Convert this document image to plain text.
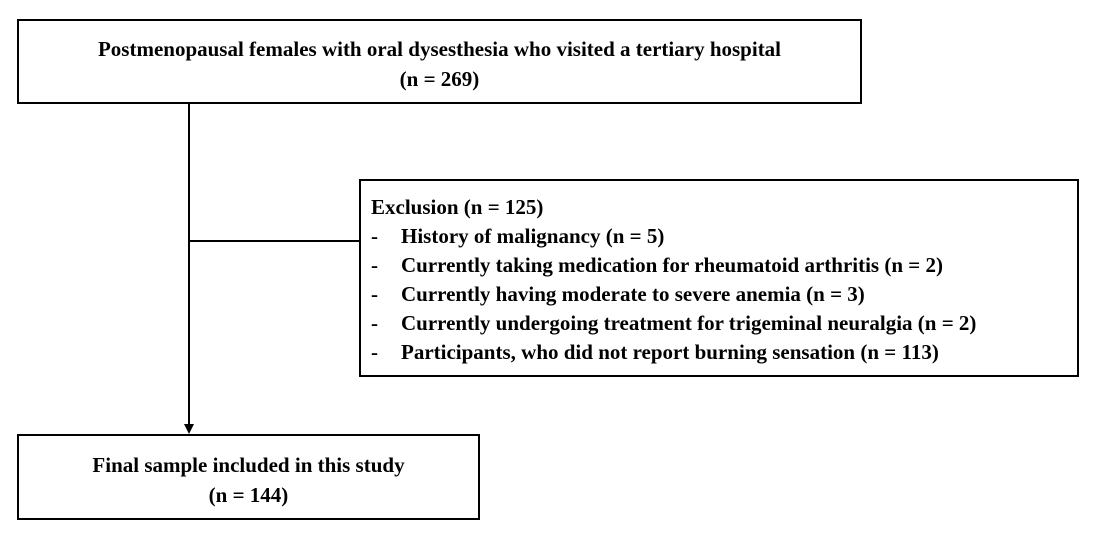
Postmenopausal females with oral dysesthesia who visited a tertiary hospital
(n = 269)
Exclusion (n = 125)
-	History of malignancy (n = 5)
-	Currently taking medication for rheumatoid arthritis (n = 2)
-	Currently having moderate to severe anemia (n = 3)
-	Currently undergoing treatment for trigeminal neuralgia (n = 2)
-	Participants, who did not report burning sensation (n = 113)
Final sample included in this study
(n = 144)
